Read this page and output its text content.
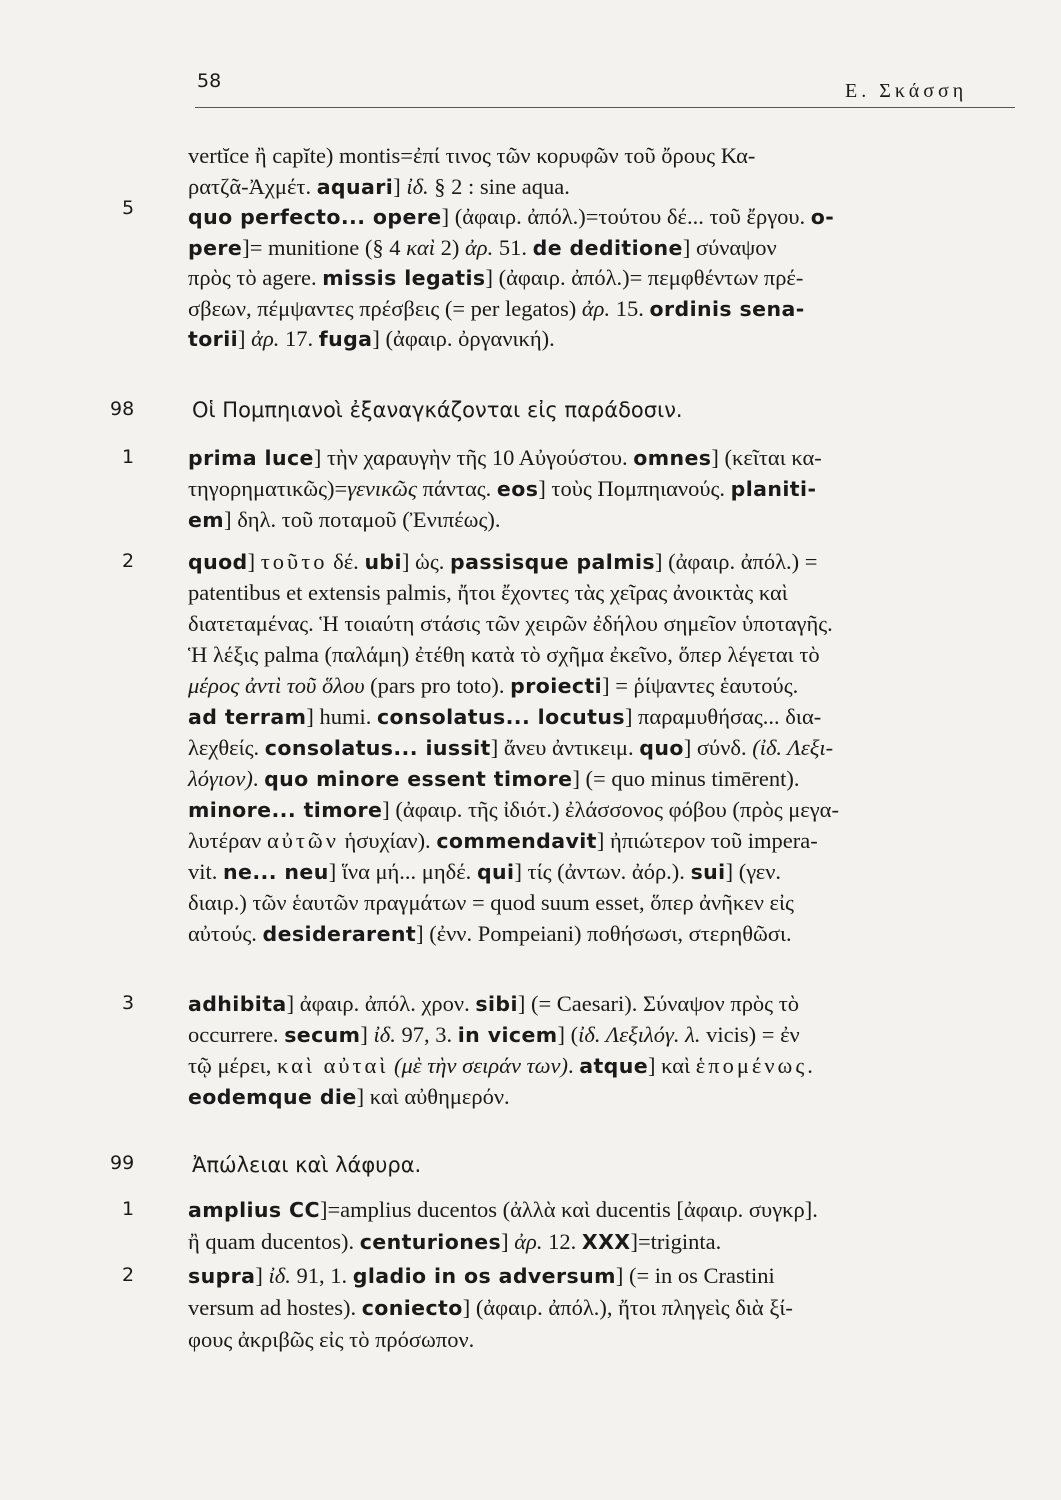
58	Ε. Σκάσση
5
98
1
2
3
99
1
2
vertĭce ἢ capĭte) montis=ἐπί τινος τῶν κορυφῶν τοῦ ὄρους Κα-
ρατζᾶ-Ἀχμέτ. aquari] ἰδ. § 2 : sine aqua.
quo perfecto... opere] (ἀφαιρ. ἀπόλ.)=τούτου δέ... τοῦ ἔργου. o-
pere]= munitione (§ 4 καὶ 2) ἀρ. 51. de deditione] σύναψον
πρὸς τὸ agere. missis legatis] (ἀφαιρ. ἀπόλ.)= πεμφθέντων πρέ-
σβεων, πέμψαντες πρέσβεις (= per legatos) ἀρ. 15. ordinis sena-
torii] ἀρ. 17. fuga] (ἀφαιρ. ὀργανική).
Οἱ Πομπηιανοὶ ἐξαναγκάζονται εἰς παράδοσιν.
prima luce] τὴν χαραυγὴν τῆς 10 Αὐγούστου. omnes] (κεῖται κα-
τηγορηματικῶς)=γενικῶς πάντας. eos] τοὺς Πομπηιανούς. planiti-
em] δηλ. τοῦ ποταμοῦ (Ἐνιπέως).
quod] τοῦτο δέ. ubi] ὡς. passisque palmis] (ἀφαιρ. ἀπόλ.) =
patentibus et extensis palmis, ἤτοι ἔχοντες τὰς χεῖρας ἀνοικτὰς καὶ
διατεταμένας. Ἡ τοιαύτη στάσις τῶν χειρῶν ἐδήλου σημεῖον ὑποταγῆς.
Ἡ λέξις palma (παλάμη) ἐτέθη κατὰ τὸ σχῆμα ἐκεῖνο, ὅπερ λέγεται τὸ
μέρος ἀντὶ τοῦ ὅλου (pars pro toto). proiecti] = ῥίψαντες ἑαυτούς.
ad terram] humi. consolatus... locutus] παραμυθήσας... δια-
λεχθείς. consolatus... iussit] ἄνευ ἀντικειμ. quo] σύνδ. (ἰδ. Λεξι-
λόγιον). quo minore essent timore] (= quo minus timērent).
minore... timore] (ἀφαιρ. τῆς ἰδιότ.) ἐλάσσονος φόβου (πρὸς μεγα-
λυτέραν αὐτῶν ἡσυχίαν). commendavit] ἠπιώτερον τοῦ impera-
vit. ne... neu] ἵνα μή... μηδέ. qui] τίς (ἀντων. ἀόρ.). sui] (γεν.
διαιρ.) τῶν ἑαυτῶν πραγμάτων = quod suum esset, ὅπερ ἀνῆκεν εἰς
αὐτούς. desiderarent] (ἐνν. Pompeiani) ποθήσωσι, στερηθῶσι.
adhibita] ἀφαιρ. ἀπόλ. χρον. sibi] (= Caesari). Σύναψον πρὸς τὸ
occurrere. secum] ἰδ. 97, 3. in vicem] (ἰδ. Λεξιλόγ. λ. vicis) = ἐν
τῷ μέρει, καὶ αὐταὶ (μὲ τὴν σειράν των). atque] καὶ ἑπομένως.
eodemque die] καὶ αὐθημερόν.
Ἀπώλειαι καὶ λάφυρα.
amplius CC]=amplius ducentos (ἀλλὰ καὶ ducentis [ἀφαιρ. συγκρ].
ἢ quam ducentos). centuriones] ἀρ. 12. XXX]=triginta.
supra] ἰδ. 91, 1. gladio in os adversum] (= in os Crastini
versum ad hostes). coniecto] (ἀφαιρ. ἀπόλ.), ἤτοι πληγεὶς διὰ ξί-
φους ἀκριβῶς εἰς τὸ πρόσωπον.
